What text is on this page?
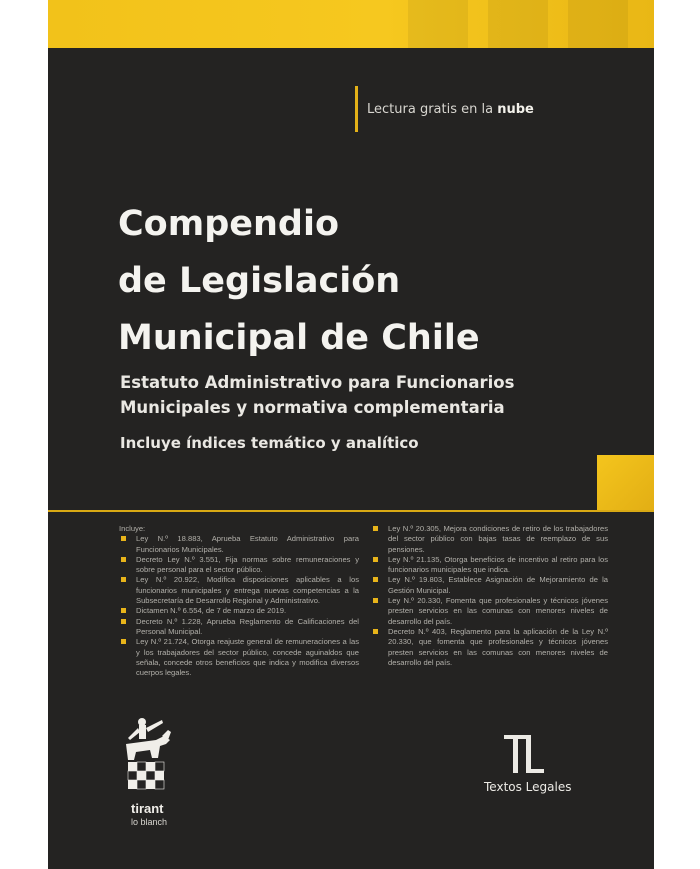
Lectura gratis en la nube
Compendio
de Legislación
Municipal de Chile
Estatuto Administrativo para Funcionarios
Municipales y normativa complementaria
Incluye índices temático y analítico
Incluye:
Ley N.º 18.883, Aprueba Estatuto Administrativo para Funcionarios Municipales.
Decreto Ley N.º 3.551, Fija normas sobre remuneraciones y sobre personal para el sector público.
Ley N.º 20.922, Modifica disposiciones aplicables a los funcionarios municipales y entrega nuevas competencias a la Subsecretaría de Desarrollo Regional y Administrativo.
Dictamen N.º 6.554, de 7 de marzo de 2019.
Decreto N.º 1.228, Aprueba Reglamento de Calificaciones del Personal Municipal.
Ley N.º 21.724, Otorga reajuste general de remuneraciones a las y los trabajadores del sector público, concede aguinaldos que señala, concede otros beneficios que indica y modifica diversos cuerpos legales.
Ley N.º 20.305, Mejora condiciones de retiro de los trabajadores del sector público con bajas tasas de reemplazo de sus pensiones.
Ley N.º 21.135, Otorga beneficios de incentivo al retiro para los funcionarios municipales que indica.
Ley N.º 19.803, Establece Asignación de Mejoramiento de la Gestión Municipal.
Ley N.º 20.330, Fomenta que profesionales y técnicos jóvenes presten servicios en las comunas con menores niveles de desarrollo del país.
Decreto N.º 403, Reglamento para la aplicación de la Ley N.º 20.330, que fomenta que profesionales y técnicos jóvenes presten servicios en las comunas con menores niveles de desarrollo del país.
tirant
lo blanch
Textos Legales
